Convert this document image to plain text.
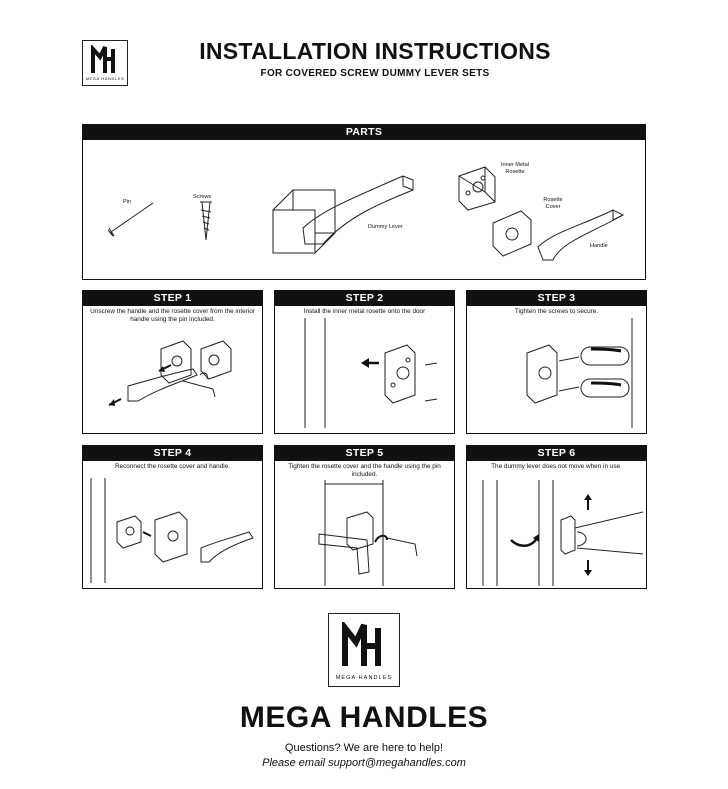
MEGA HANDLES
INSTALLATION INSTRUCTIONS
FOR COVERED SCREW DUMMY LEVER SETS
PARTS
Pin
Screws
Dummy Lever
Inner Metal Rosette
Rosette Cover
Handle
STEP 1
Unscrew the handle and the rosette cover from the interior handle using the pin included.
STEP 2
Install the inner metal rosette onto the door
STEP 3
Tighten the screws to secure.
STEP 4
Reconnect the rosette cover and handle.
STEP 5
Tighten the rosette cover and the handle using the pin included.
STEP 6
The dummy lever does not move when in use.
MEGA HANDLES
MEGA HANDLES
Questions? We are here to help!
Please email support@megahandles.com
